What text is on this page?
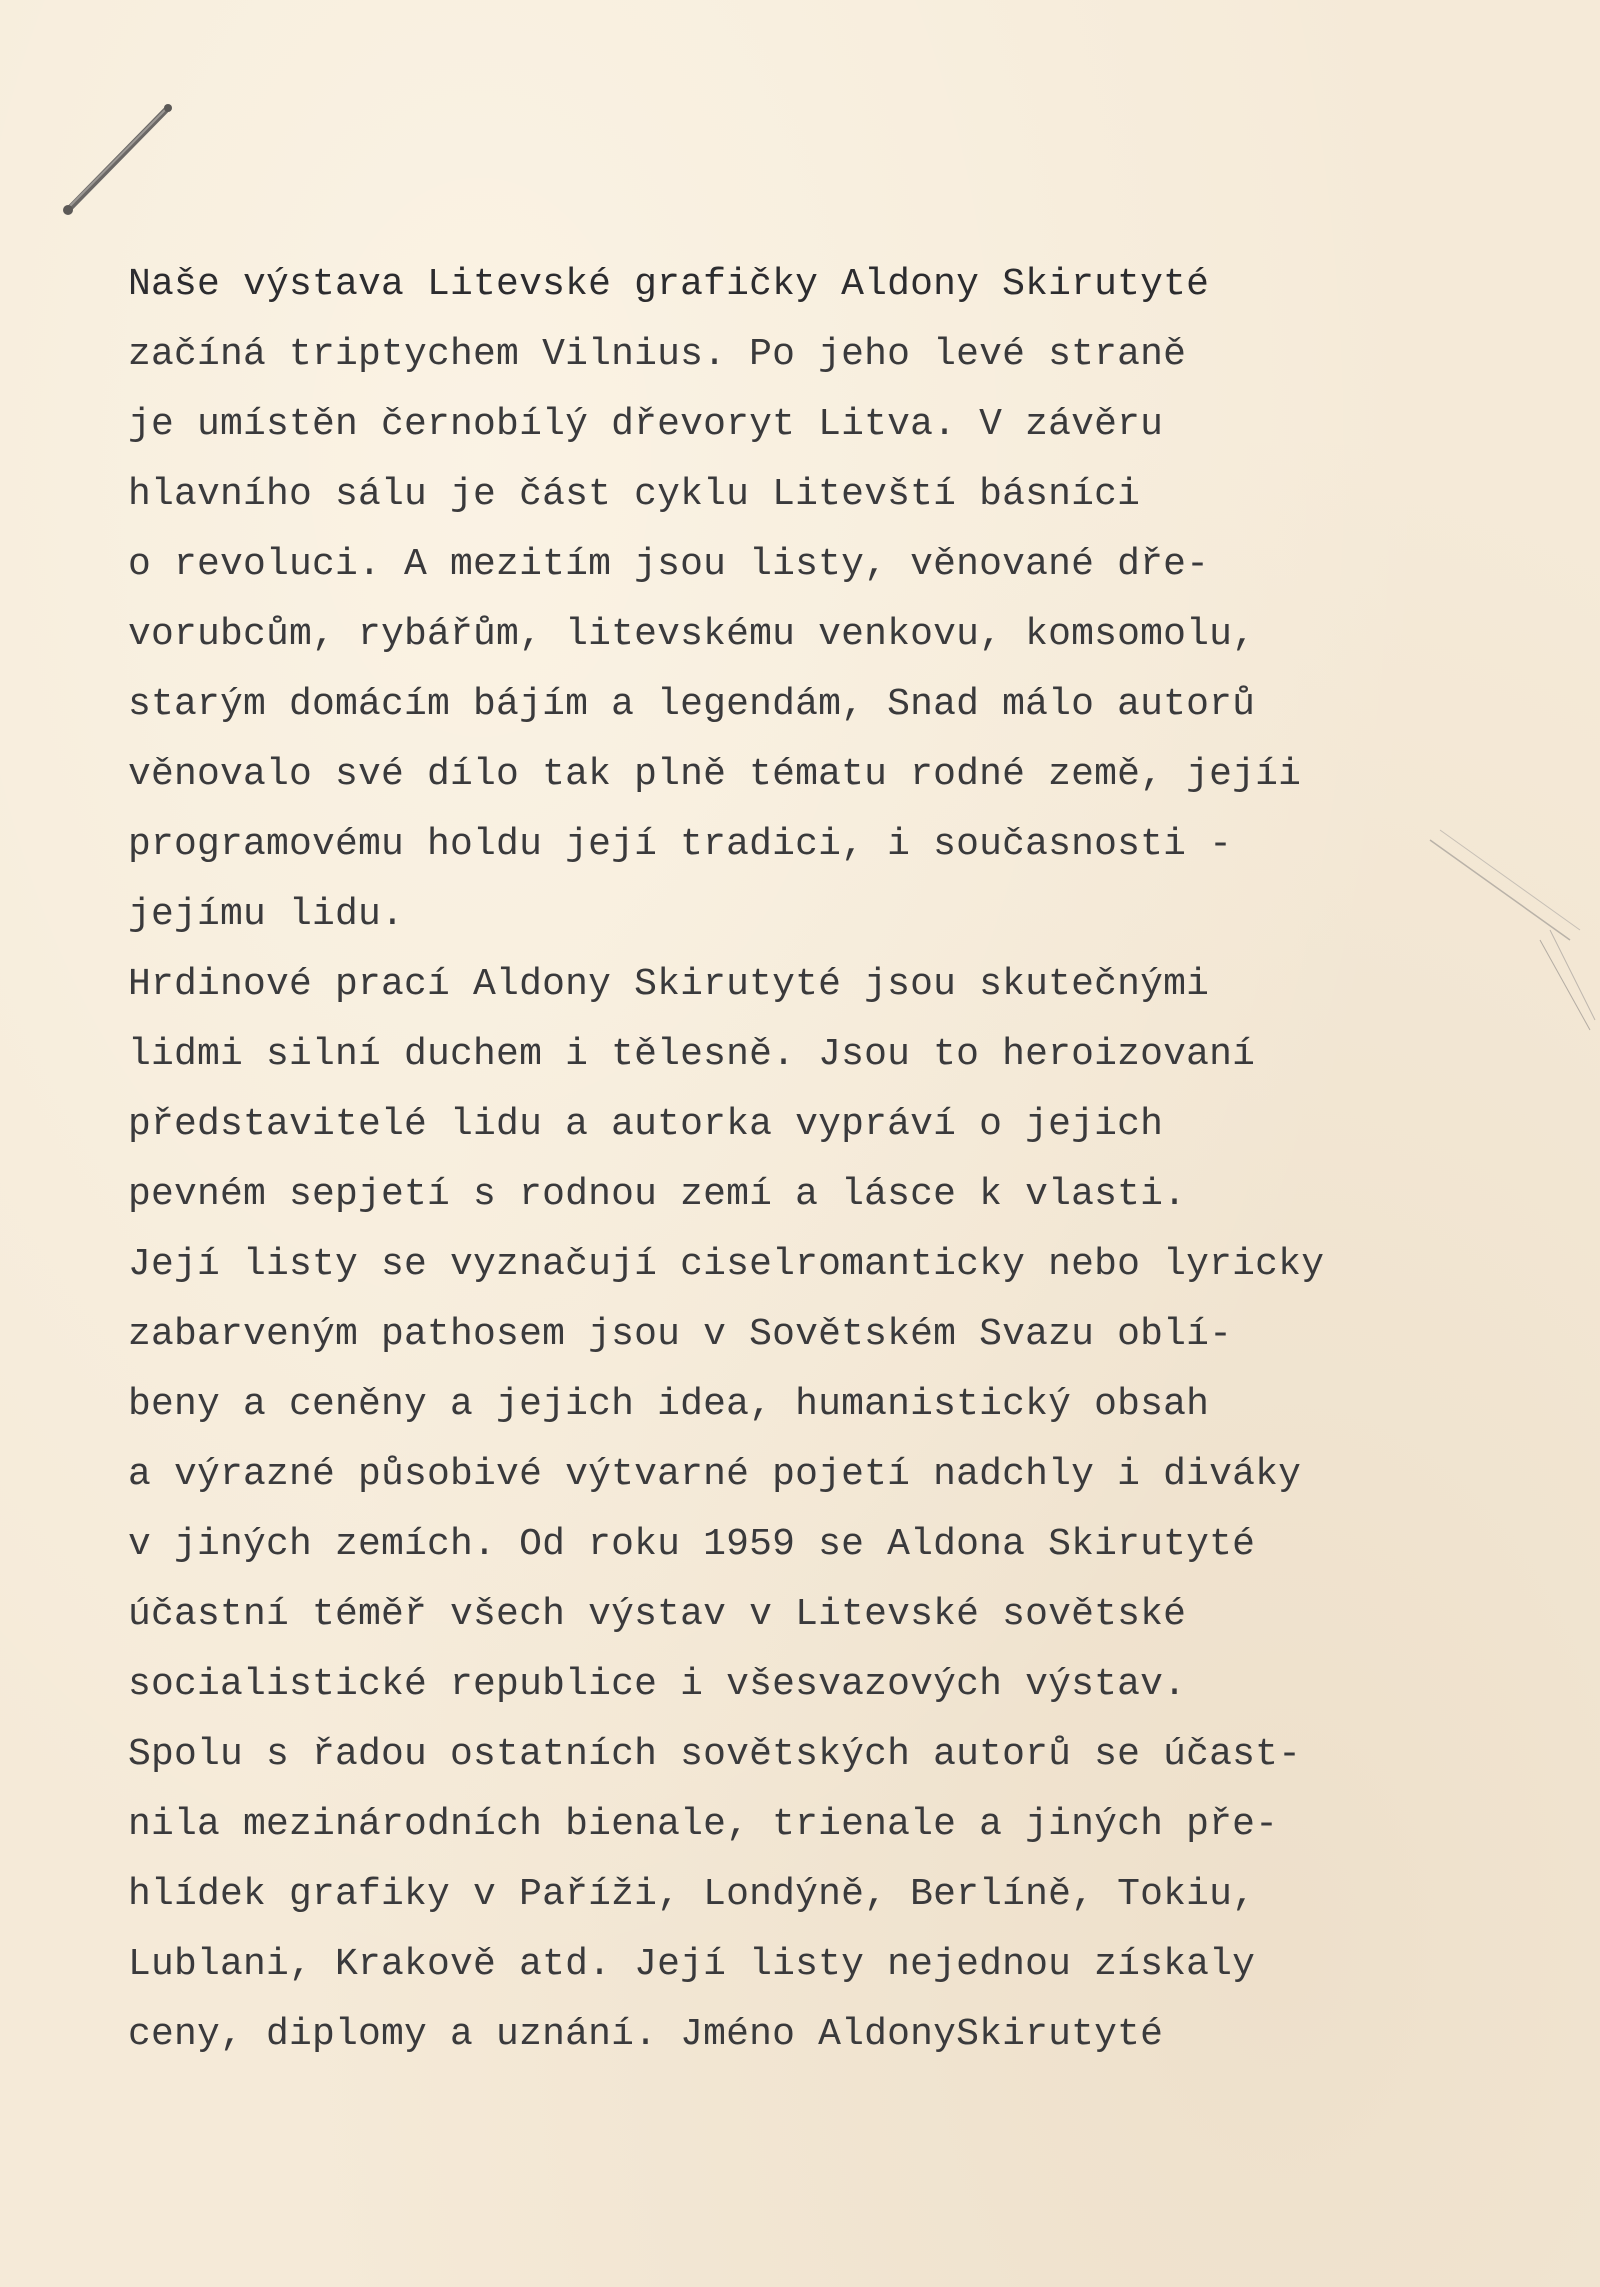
Naše výstava Litevské grafičky Aldony Skirutyté
začíná triptychem Vilnius. Po jeho levé straně
je umístěn černobílý dřevoryt Litva. V závěru
hlavního sálu je část cyklu Litevští básníci
o revoluci. A mezitím jsou listy, věnované dře-
vorubcům, rybářům, litevskému venkovu, komsomolu,
starým domácím bájím a legendám, Snad málo autorů
věnovalo své dílo tak plně tématu rodné země, jejíi
programovému holdu její tradici, i současnosti -
jejímu lidu.
Hrdinové prací Aldony Skirutyté jsou skutečnými
lidmi silní duchem i tělesně. Jsou to heroizovaní
představitelé lidu a autorka vypráví o jejich
pevném sepjetí s rodnou zemí a lásce k vlasti.
Její listy se vyznačují ciselromanticky nebo lyricky
zabarveným pathosem jsou v Sovětském Svazu oblí-
beny a ceněny a jejich idea, humanistický obsah
a výrazné působivé výtvarné pojetí nadchly i diváky
v jiných zemích. Od roku 1959 se Aldona Skirutyté
účastní téměř všech výstav v Litevské sovětské
socialistické republice i všesvazových výstav.
Spolu s řadou ostatních sovětských autorů se účast-
nila mezinárodních bienale, trienale a jiných pře-
hlídek grafiky v Paříži, Londýně, Berlíně, Tokiu,
Lublani, Krakově atd. Její listy nejednou získaly
ceny, diplomy a uznání. Jméno AldonySkirutyté
